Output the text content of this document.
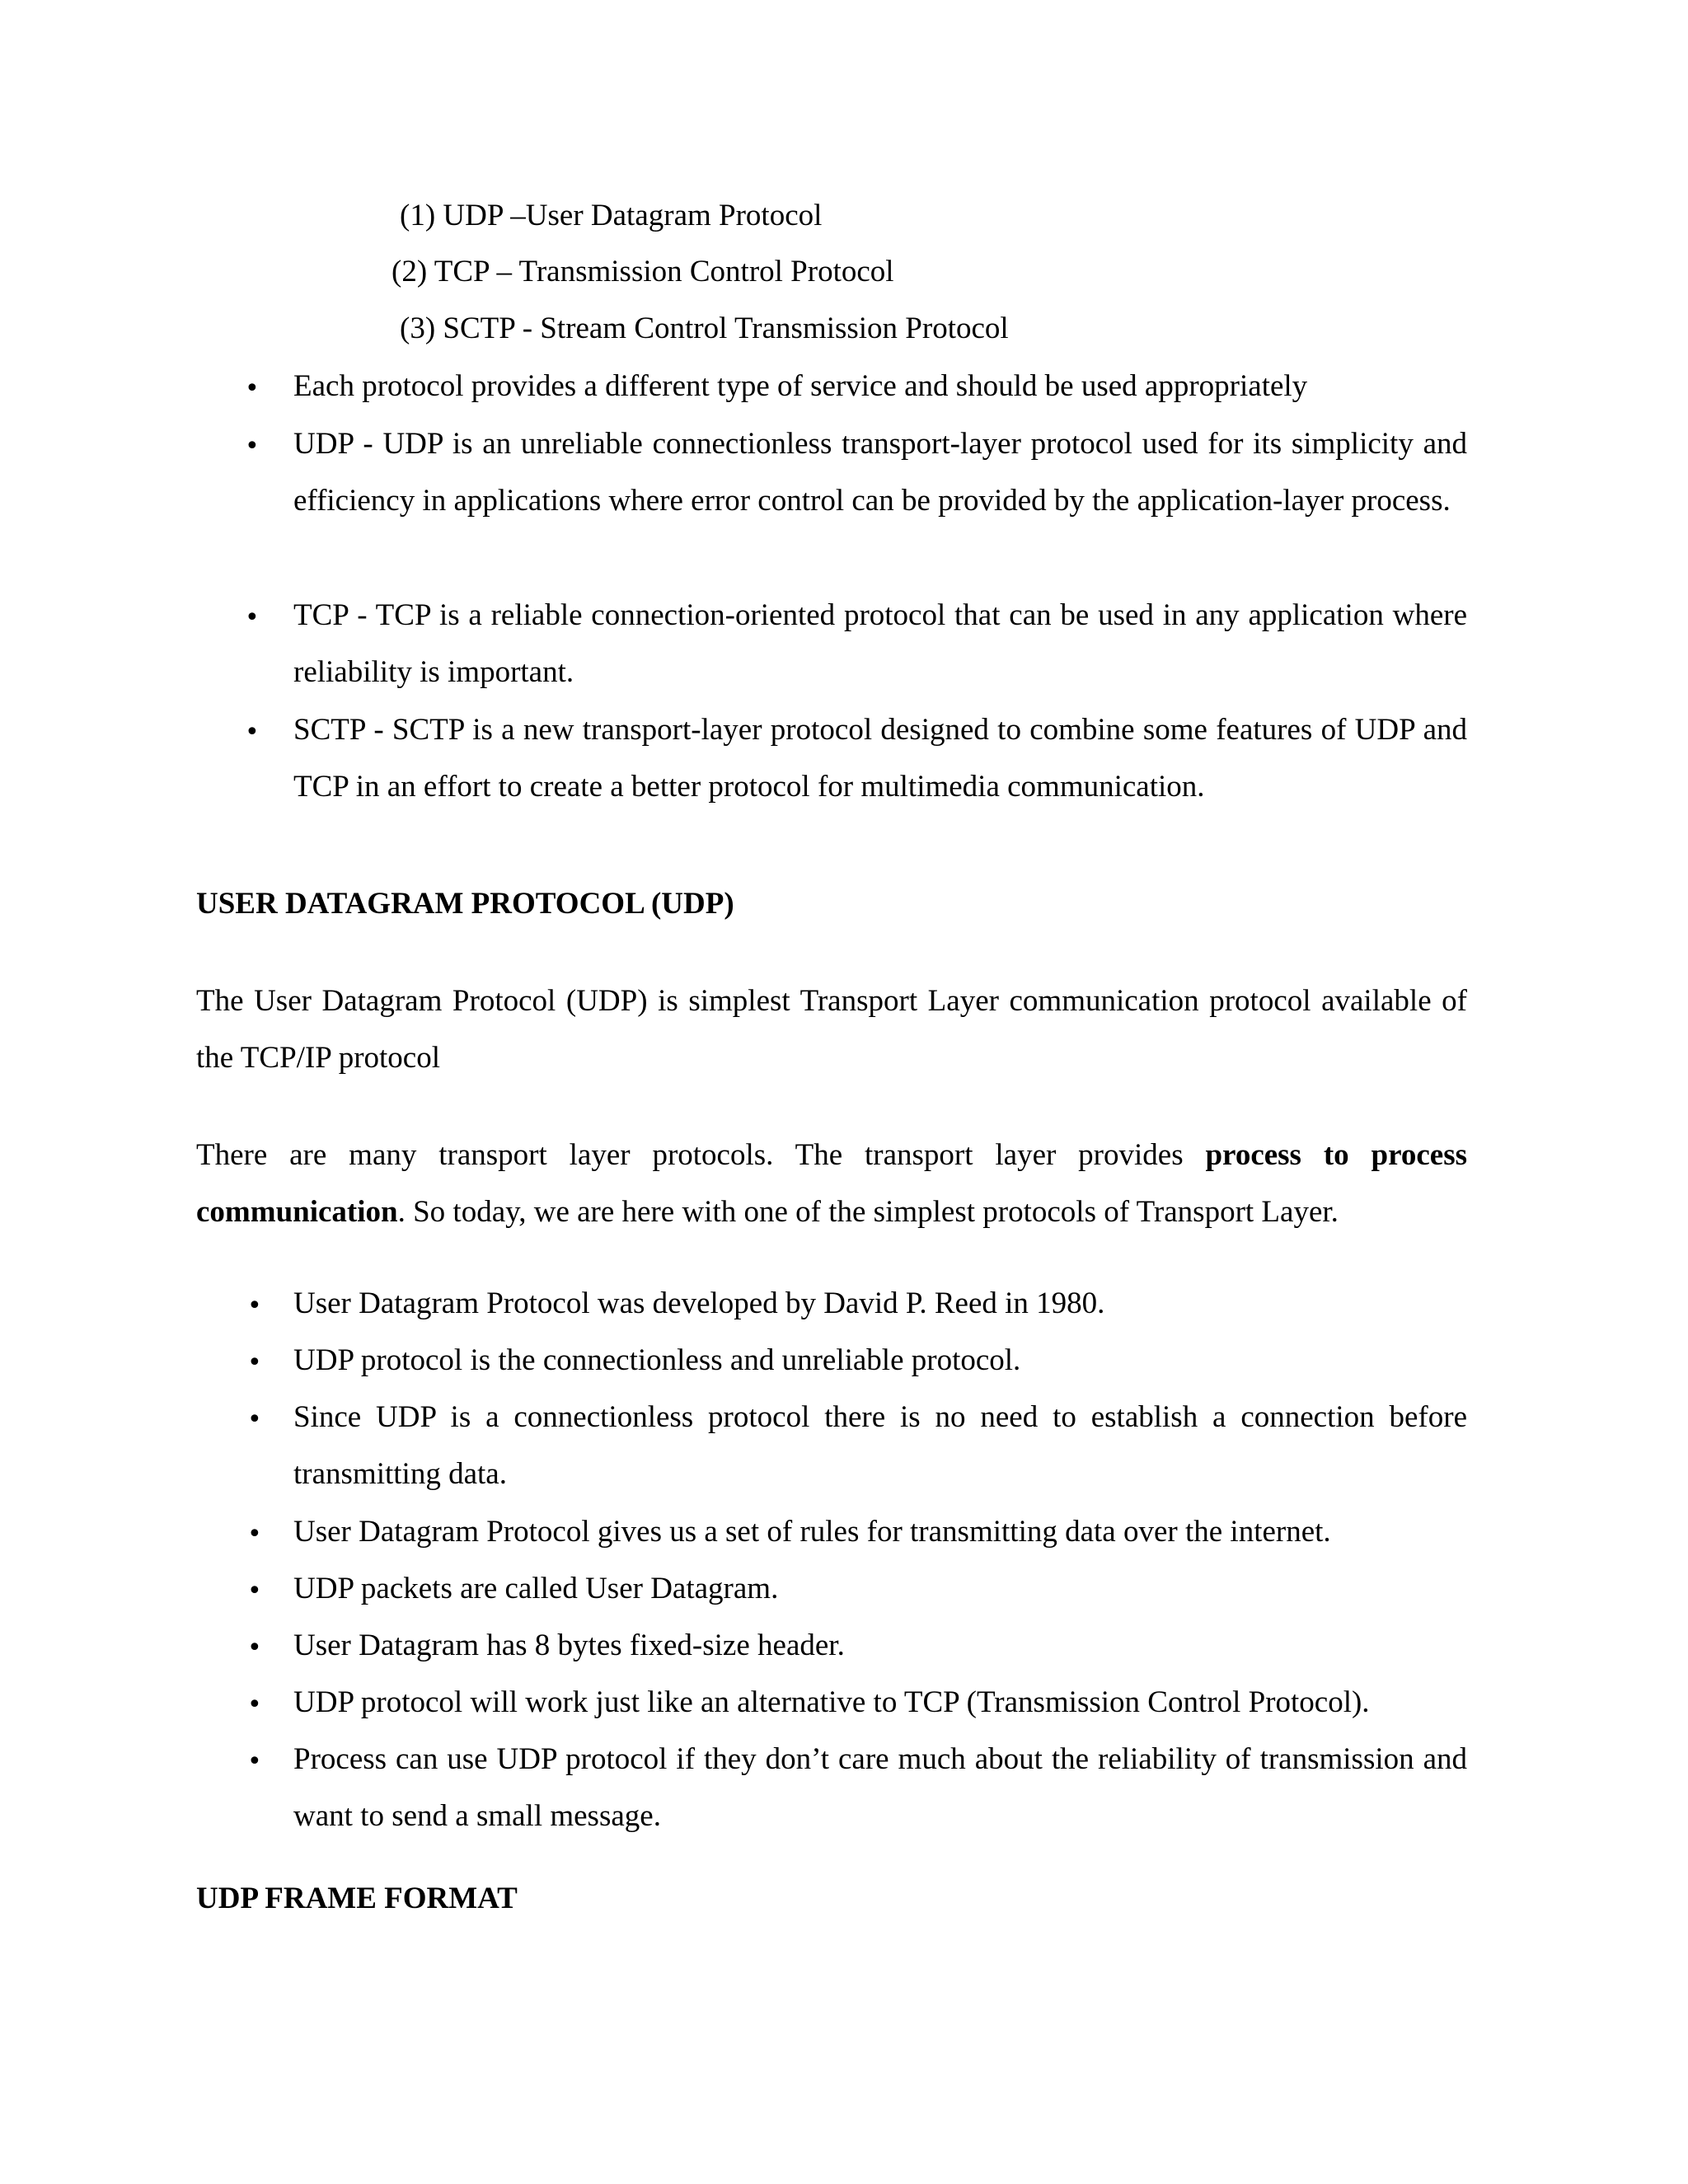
(1) UDP –User Datagram Protocol
(2) TCP – Transmission Control Protocol
(3) SCTP - Stream Control Transmission Protocol
• Each protocol provides a different type of service and should be used appropriately
• UDP - UDP is an unreliable connectionless transport-layer protocol used for its simplicity and efficiency in applications where error control can be provided by the application-layer process.
• TCP - TCP is a reliable connection-oriented protocol that can be used in any application where reliability is important.
• SCTP - SCTP is a new transport-layer protocol designed to combine some features of UDP and TCP in an effort to create a better protocol for multimedia communication.
USER DATAGRAM PROTOCOL (UDP)
The User Datagram Protocol (UDP) is simplest Transport Layer communication protocol available of the TCP/IP protocol
There are many transport layer protocols. The transport layer provides process to process communication. So today, we are here with one of the simplest protocols of Transport Layer.
• User Datagram Protocol was developed by David P. Reed in 1980.
• UDP protocol is the connectionless and unreliable protocol.
• Since UDP is a connectionless protocol there is no need to establish a connection before transmitting data.
• User Datagram Protocol gives us a set of rules for transmitting data over the internet.
• UDP packets are called User Datagram.
• User Datagram has 8 bytes fixed-size header.
• UDP protocol will work just like an alternative to TCP (Transmission Control Protocol).
• Process can use UDP protocol if they don’t care much about the reliability of transmission and want to send a small message.
UDP FRAME FORMAT
